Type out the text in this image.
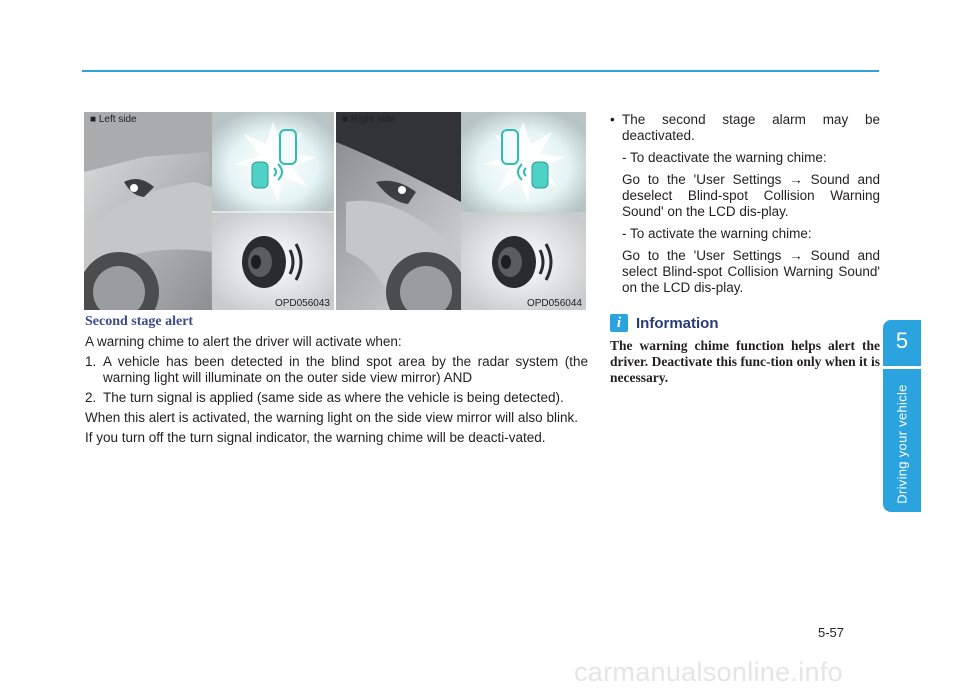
■ Left side
OPD056043
■ Right side
OPD056044
Second stage alert

A warning chime to alert the driver will activate when:

1. A vehicle has been detected in the blind spot area by the radar system (the warning light will illuminate on the outer side view mirror) AND
2. The turn signal is applied (same side as where the vehicle is being detected).

When this alert is activated, the warning light on the side view mirror will also blink.

If you turn off the turn signal indicator, the warning chime will be deacti-vated.

• The second stage alarm may be deactivated.

- To deactivate the warning chime:

Go to the 'User Settings → Sound and deselect Blind-spot Collision Warning Sound' on the LCD dis-play.

- To activate the warning chime:

Go to the 'User Settings → Sound and select Blind-spot Collision Warning Sound' on the LCD dis-play.

i Information

The warning chime function helps alert the driver. Deactivate this func-tion only when it is necessary.

5
Driving your vehicle
5-57
carmanualsonline.info
